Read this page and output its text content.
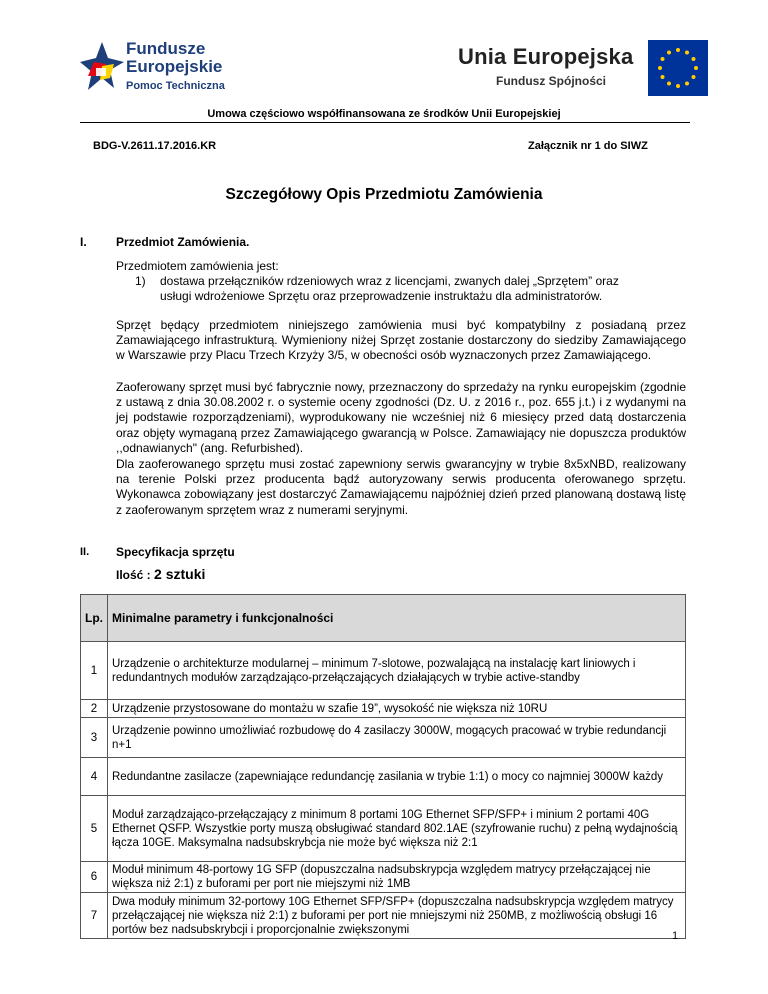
Fundusze
Europejskie
Pomoc Techniczna
Unia Europejska
Fundusz Spójności
Umowa częściowo współfinansowana ze środków Unii Europejskiej
BDG-V.2611.17.2016.KR	Załącznik nr 1 do SIWZ
Szczegółowy Opis Przedmiotu Zamówienia
I. Przedmiot Zamówienia.
Przedmiotem zamówienia jest:
1) dostawa przełączników rdzeniowych wraz z licencjami, zwanych dalej „Sprzętem” oraz
usługi wdrożeniowe Sprzętu oraz przeprowadzenie instruktażu dla administratorów.
Sprzęt będący przedmiotem niniejszego zamówienia musi być kompatybilny z posiadaną przez Zamawiającego infrastrukturą. Wymieniony niżej Sprzęt zostanie dostarczony do siedziby Zamawiającego w Warszawie przy Placu Trzech Krzyży 3/5, w obecności osób wyznaczonych przez Zamawiającego.
Zaoferowany sprzęt musi być fabrycznie nowy, przeznaczony do sprzedaży na rynku europejskim (zgodnie z ustawą z dnia 30.08.2002 r. o systemie oceny zgodności (Dz. U. z 2016 r., poz. 655 j.t.) i z wydanymi na jej podstawie rozporządzeniami), wyprodukowany nie wcześniej niż 6 miesięcy przed datą dostarczenia oraz objęty wymaganą przez Zamawiającego gwarancją w Polsce. Zamawiający nie dopuszcza produktów ,,odnawianych" (ang. Refurbished).
Dla zaoferowanego sprzętu musi zostać zapewniony serwis gwarancyjny w trybie 8x5xNBD, realizowany na terenie Polski przez producenta bądź autoryzowany serwis producenta oferowanego sprzętu. Wykonawca zobowiązany jest dostarczyć Zamawiającemu najpóźniej dzień przed planowaną dostawą listę z zaoferowanym sprzętem wraz z numerami seryjnymi.
II. Specyfikacja sprzętu
Ilość : 2 sztuki
Lp.	Minimalne parametry i funkcjonalności
1	Urządzenie o architekturze modularnej – minimum 7-slotowe, pozwalającą na instalację kart liniowych i redundantnych modułów zarządzająco-przełączających działających w trybie active-standby
2	Urządzenie przystosowane do montażu w szafie 19”, wysokość nie większa niż 10RU
3	Urządzenie powinno umożliwiać rozbudowę do 4 zasilaczy 3000W, mogących pracować w trybie redundancji n+1
4	Redundantne zasilacze (zapewniające redundancję zasilania w trybie 1:1) o mocy co najmniej 3000W każdy
5	Moduł zarządzająco-przełączający z minimum 8 portami 10G Ethernet SFP/SFP+ i minium 2 portami 40G Ethernet QSFP. Wszystkie porty muszą obsługiwać standard 802.1AE (szyfrowanie ruchu) z pełną wydajnością łącza 10GE. Maksymalna nadsubskrybcja nie może być większa niż 2:1
6	Moduł minimum 48-portowy 1G SFP (dopuszczalna nadsubskrypcja względem matrycy przełączającej nie większa niż 2:1) z buforami per port nie miejszymi niż 1MB
7	Dwa moduły minimum 32-portowy 10G Ethernet SFP/SFP+ (dopuszczalna nadsubskrypcja względem matrycy przełączającej nie większa niż 2:1) z buforami per port nie mniejszymi niż 250MB, z możliwością obsługi 16 portów bez nadsubskrybcji i proporcjonalnie zwiększonymi
1
